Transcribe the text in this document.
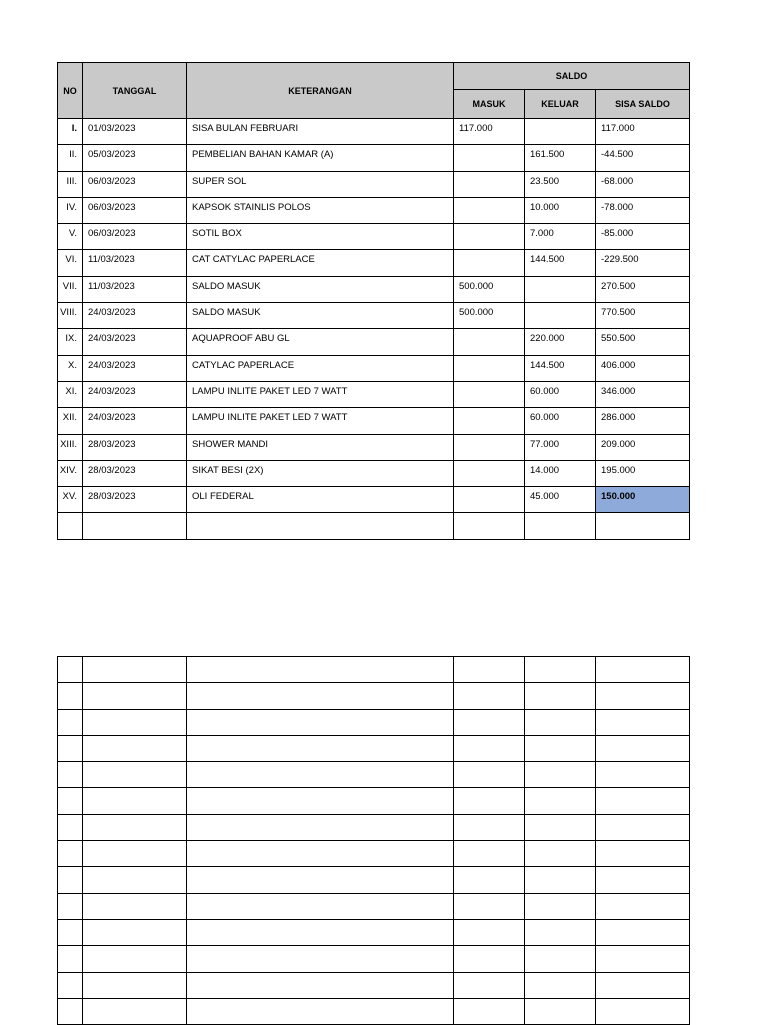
NO	TANGGAL	KETERANGAN	SALDO		
			MASUK	KELUAR	SISA SALDO
I.	01/03/2023	SISA BULAN FEBRUARI	117.000		117.000
II.	05/03/2023	PEMBELIAN BAHAN KAMAR (A)		161.500	-44.500
III.	06/03/2023	SUPER SOL		23.500	-68.000
IV.	06/03/2023	KAPSOK STAINLIS POLOS		10.000	-78.000
V.	06/03/2023	SOTIL BOX		7.000	-85.000
VI.	11/03/2023	CAT CATYLAC PAPERLACE		144.500	-229.500
VII.	11/03/2023	SALDO MASUK	500.000		270.500
VIII.	24/03/2023	SALDO MASUK	500.000		770.500
IX.	24/03/2023	AQUAPROOF ABU GL		220.000	550.500
X.	24/03/2023	CATYLAC PAPERLACE		144.500	406.000
XI.	24/03/2023	LAMPU INLITE PAKET LED 7 WATT		60.000	346.000
XII.	24/03/2023	LAMPU INLITE PAKET LED 7 WATT		60.000	286.000
XIII.	28/03/2023	SHOWER MANDI		77.000	209.000
XIV.	28/03/2023	SIKAT BESI (2X)		14.000	195.000
XV.	28/03/2023	OLI FEDERAL		45.000	150.000
